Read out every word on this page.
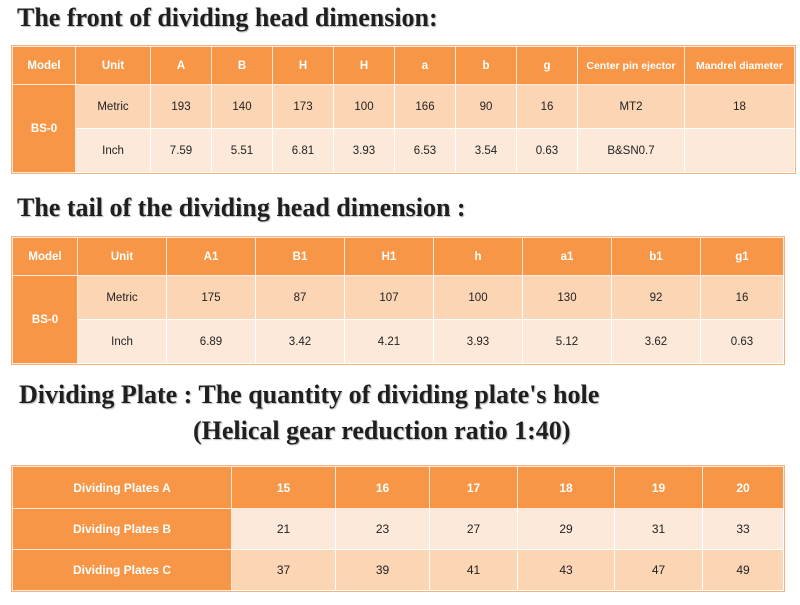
The front of dividing head dimension:
Model	Unit	A	B	H	H	a	b	g	Center pin ejector	Mandrel diameter
BS-0	Metric	193	140	173	100	166	90	16	MT2	18
	Inch	7.59	5.51	6.81	3.93	6.53	3.54	0.63	B&SN0.7	
The tail of the dividing head dimension :
Model	Unit	A1	B1	H1	h	a1	b1	g1
BS-0	Metric	175	87	107	100	130	92	16
	Inch	6.89	3.42	4.21	3.93	5.12	3.62	0.63
Dividing Plate : The quantity of dividing plate's hole
(Helical gear reduction ratio 1:40)
Dividing Plates A	15	16	17	18	19	20
Dividing Plates B	21	23	27	29	31	33
Dividing Plates C	37	39	41	43	47	49
